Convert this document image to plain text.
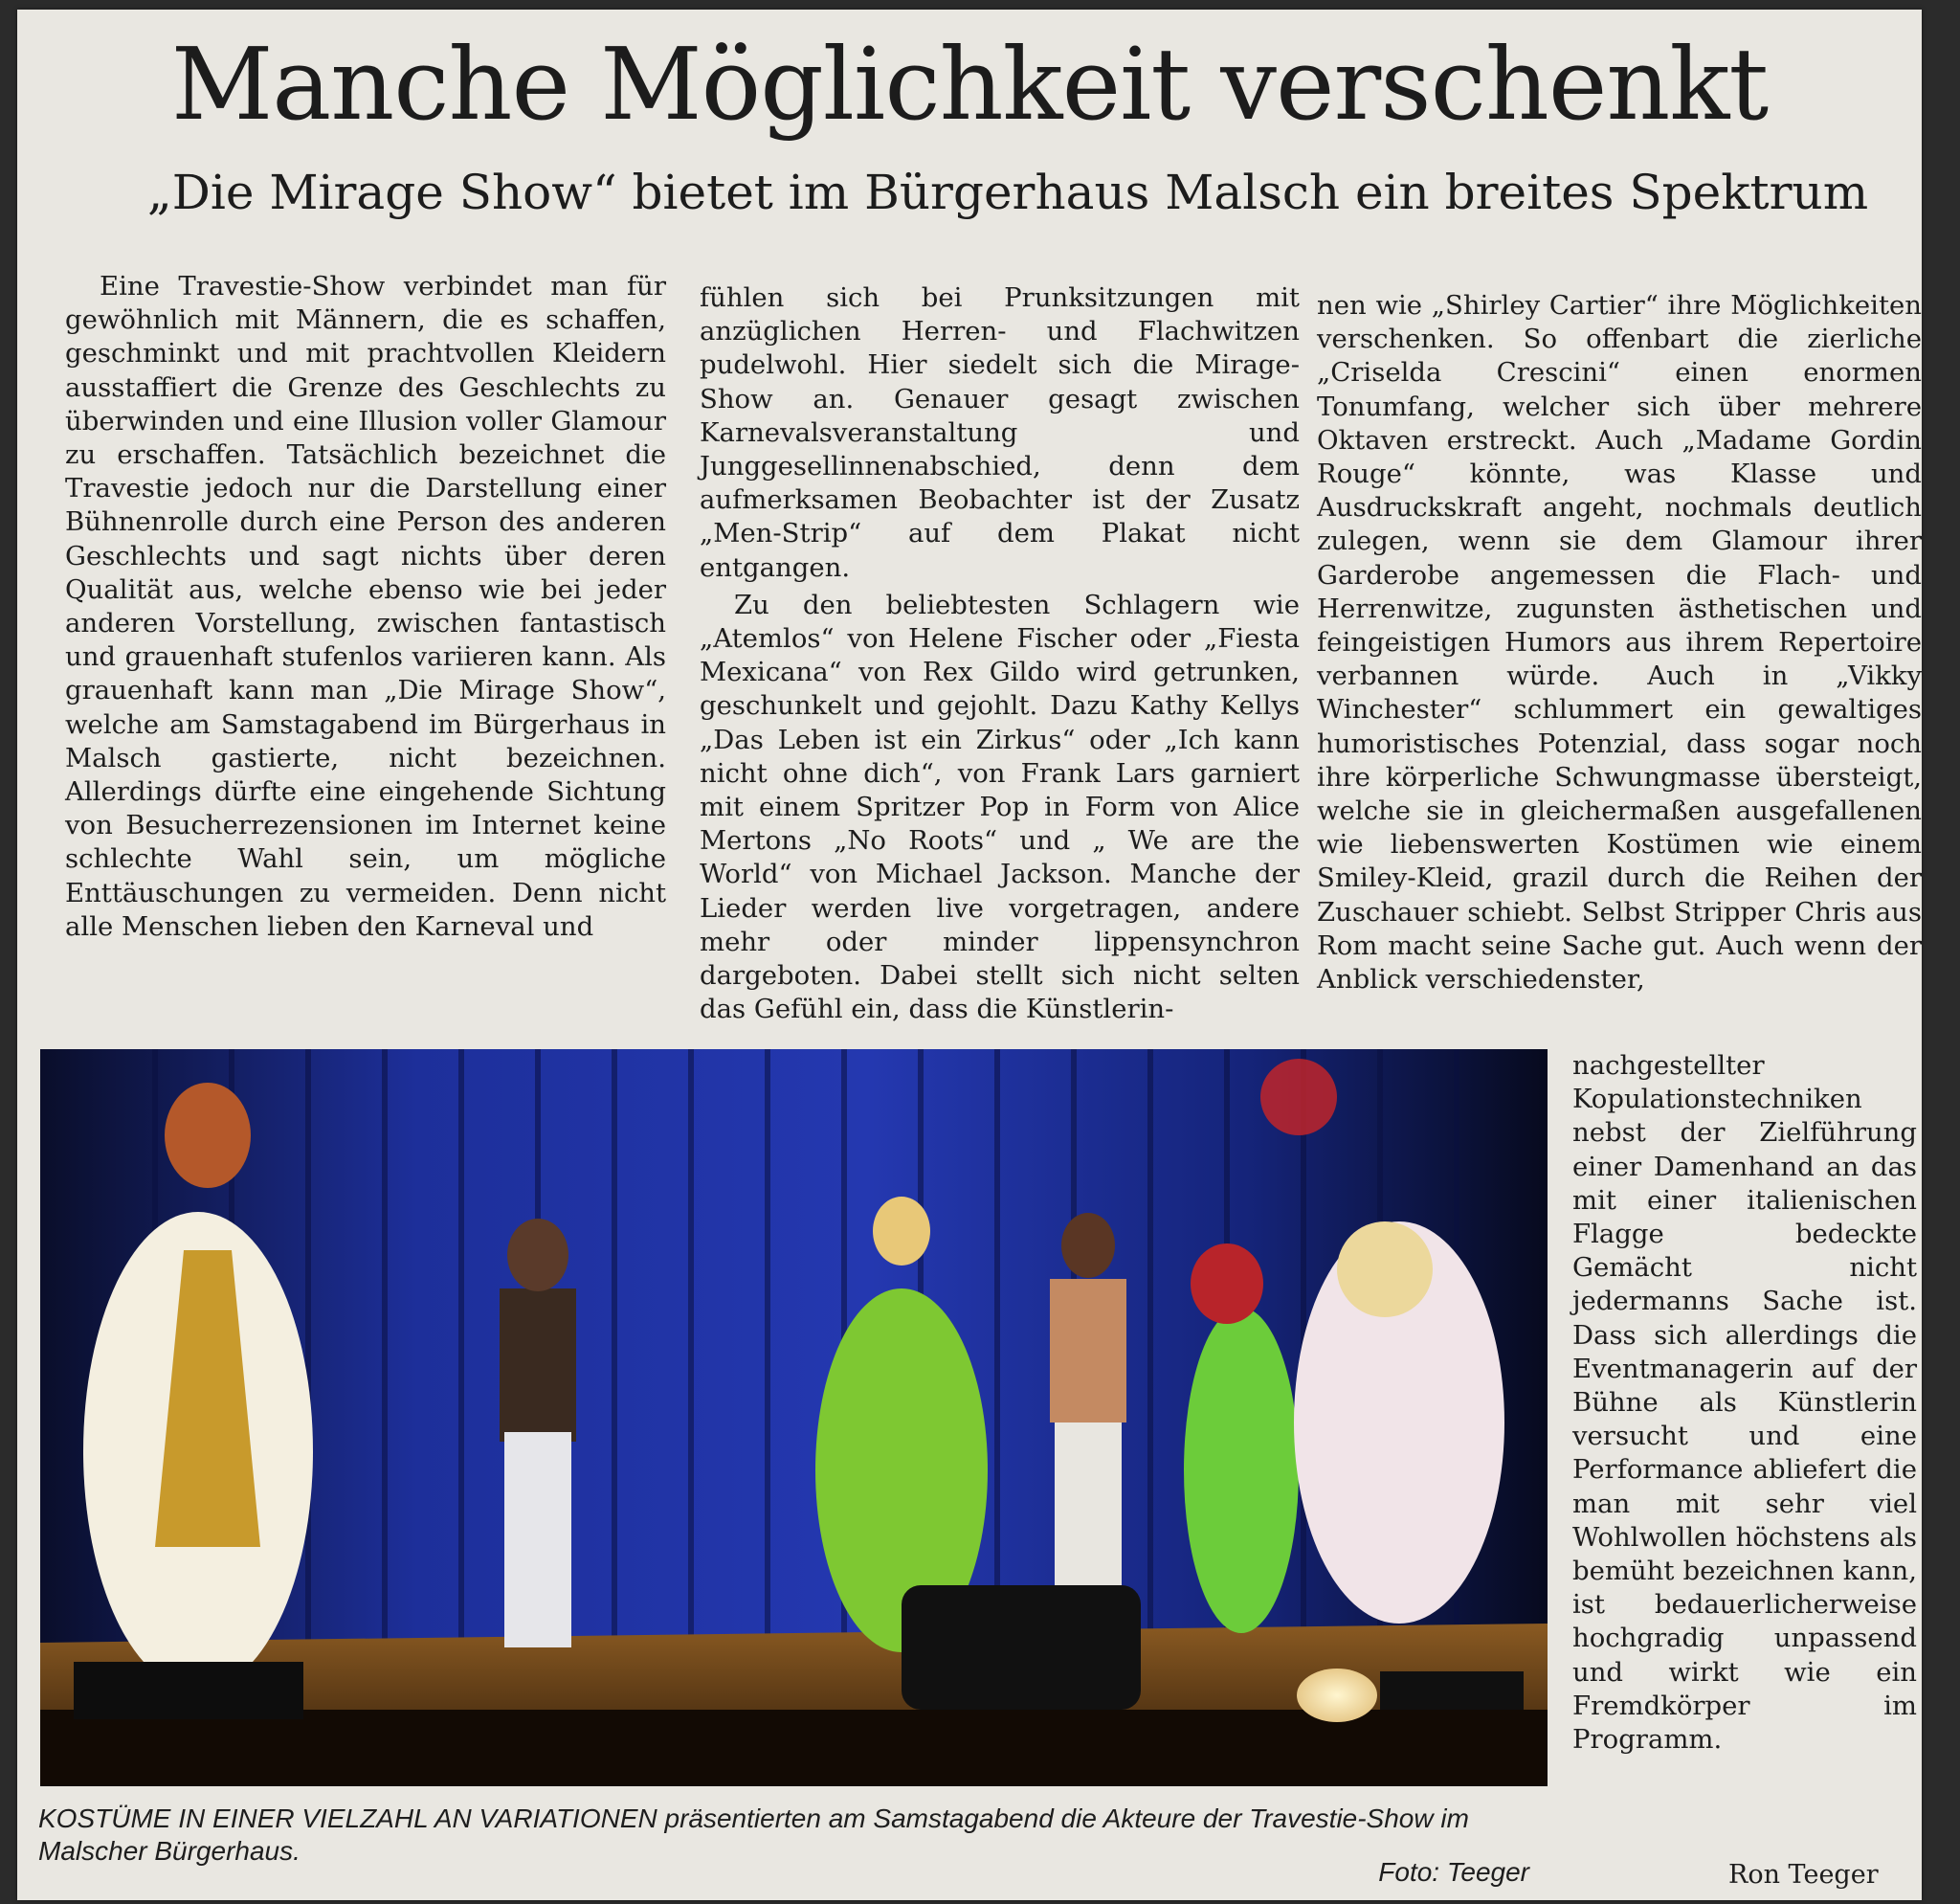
Manche Möglichkeit verschenkt
„Die Mirage Show“ bietet im Bürgerhaus Malsch ein breites Spektrum

Eine Travestie-Show verbindet man für gewöhnlich mit Männern, die es schaffen, geschminkt und mit prachtvollen Kleidern ausstaffiert die Grenze des Geschlechts zu überwinden und eine Illusion voller Glamour zu erschaffen. Tatsächlich bezeichnet die Travestie jedoch nur die Darstellung einer Bühnenrolle durch eine Person des anderen Geschlechts und sagt nichts über deren Qualität aus, welche ebenso wie bei jeder anderen Vorstellung, zwischen fantastisch und grauenhaft stufenlos variieren kann. Als grauenhaft kann man „Die Mirage Show“, welche am Samstagabend im Bürgerhaus in Malsch gastierte, nicht bezeichnen. Allerdings dürfte eine eingehende Sichtung von Besucherrezensionen im Internet keine schlechte Wahl sein, um mögliche Enttäuschungen zu vermeiden. Denn nicht alle Menschen lieben den Karneval und

fühlen sich bei Prunksitzungen mit anzüglichen Herren- und Flachwitzen pudelwohl. Hier siedelt sich die Mirage-Show an. Genauer gesagt zwischen Karnevalsveranstaltung und Junggesellinnenabschied, denn dem aufmerksamen Beobachter ist der Zusatz „Men-Strip“ auf dem Plakat nicht entgangen.

Zu den beliebtesten Schlagern wie „Atemlos“ von Helene Fischer oder „Fiesta Mexicana“ von Rex Gildo wird getrunken, geschunkelt und gejohlt. Dazu Kathy Kellys „Das Leben ist ein Zirkus“ oder „Ich kann nicht ohne dich“, von Frank Lars garniert mit einem Spritzer Pop in Form von Alice Mertons „No Roots“ und „ We are the World“ von Michael Jackson. Manche der Lieder werden live vorgetragen, andere mehr oder minder lippensynchron dargeboten. Dabei stellt sich nicht selten das Gefühl ein, dass die Künstlerin-

nen wie „Shirley Cartier“ ihre Möglichkeiten verschenken. So offenbart die zierliche „Criselda Crescini“ einen enormen Tonumfang, welcher sich über mehrere Oktaven erstreckt. Auch „Madame Gordin Rouge“ könnte, was Klasse und Ausdruckskraft angeht, nochmals deutlich zulegen, wenn sie dem Glamour ihrer Garderobe angemessen die Flach- und Herrenwitze, zugunsten ästhetischen und feingeistigen Humors aus ihrem Repertoire verbannen würde. Auch in „Vikky Winchester“ schlummert ein gewaltiges humoristisches Potenzial, dass sogar noch ihre körperliche Schwungmasse übersteigt, welche sie in gleichermaßen ausgefallenen wie liebenswerten Kostümen wie einem Smiley-Kleid, grazil durch die Reihen der Zuschauer schiebt. Selbst Stripper Chris aus Rom macht seine Sache gut. Auch wenn der Anblick verschiedenster,

nachgestellter Kopulationstechniken nebst der Zielführung einer Damenhand an das mit einer italienischen Flagge bedeckte Gemächt nicht jedermanns Sache ist. Dass sich allerdings die Eventmanagerin auf der Bühne als Künstlerin versucht und eine Performance abliefert die man mit sehr viel Wohlwollen höchstens als bemüht bezeichnen kann, ist bedauerlicherweise hochgradig unpassend und wirkt wie ein Fremdkörper im Programm.

KOSTÜME IN EINER VIELZAHL AN VARIATIONEN präsentierten am Samstagabend die Akteure der Travestie-Show im Malscher Bürgerhaus.
Foto: Teeger	Ron Teeger
